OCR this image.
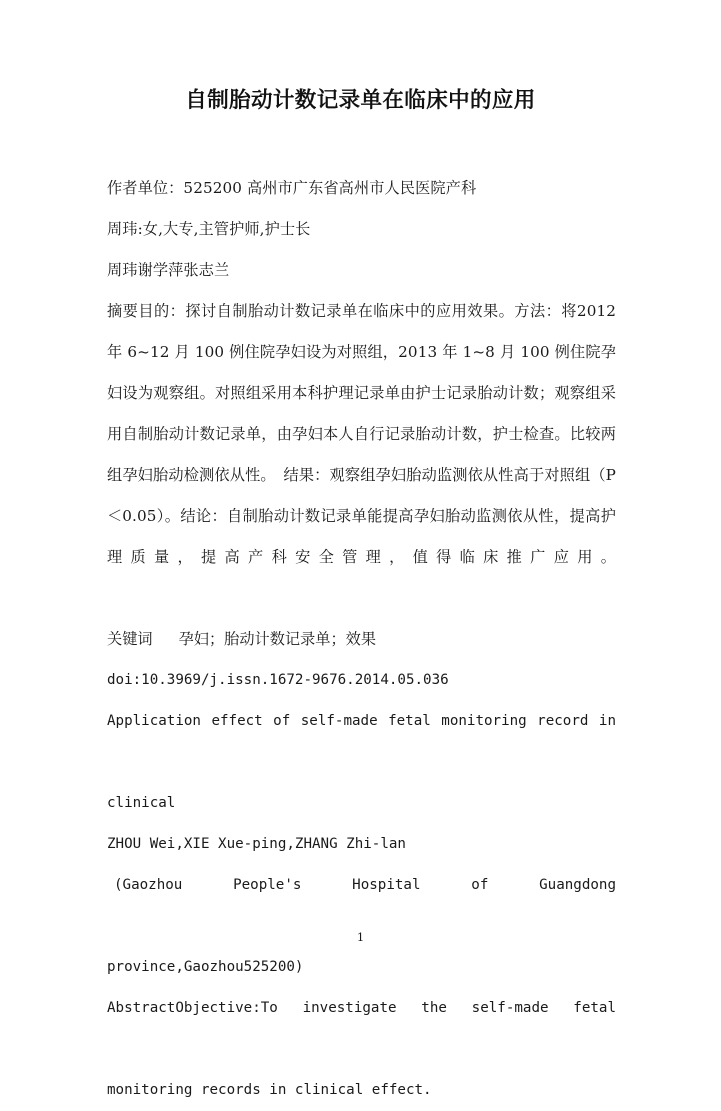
自制胎动计数记录单在临床中的应用
作者单位：525200 高州市广东省高州市人民医院产科
周玮:女,大专,主管护师,护士长
周玮谢学萍张志兰
摘要目的：探讨自制胎动计数记录单在临床中的应用效果。方法：将2012 年 6~12 月 100 例住院孕妇设为对照组，2013 年 1~8 月 100 例住院孕妇设为观察组。对照组采用本科护理记录单由护士记录胎动计数；观察组采用自制胎动计数记录单，由孕妇本人自行记录胎动计数，护士检查。比较两组孕妇胎动检测依从性。　结果：观察组孕妇胎动监测依从性高于对照组（P＜0.05）。结论：自制胎动计数记录单能提高孕妇胎动监测依从性，提高护理质量，提高产科安全管理，值得临床推广应用。
关键词 孕妇；胎动计数记录单；效果
doi:10.3969/j.issn.1672-9676.2014.05.036
Application effect of self-made fetal monitoring record in
clinical
ZHOU Wei,XIE Xue-ping,ZHANG Zhi-lan
(Gaozhou People's Hospital of Guangdong
province,Gaozhou525200)
AbstractObjective:To investigate the self-made fetal
monitoring records in clinical effect.
1
